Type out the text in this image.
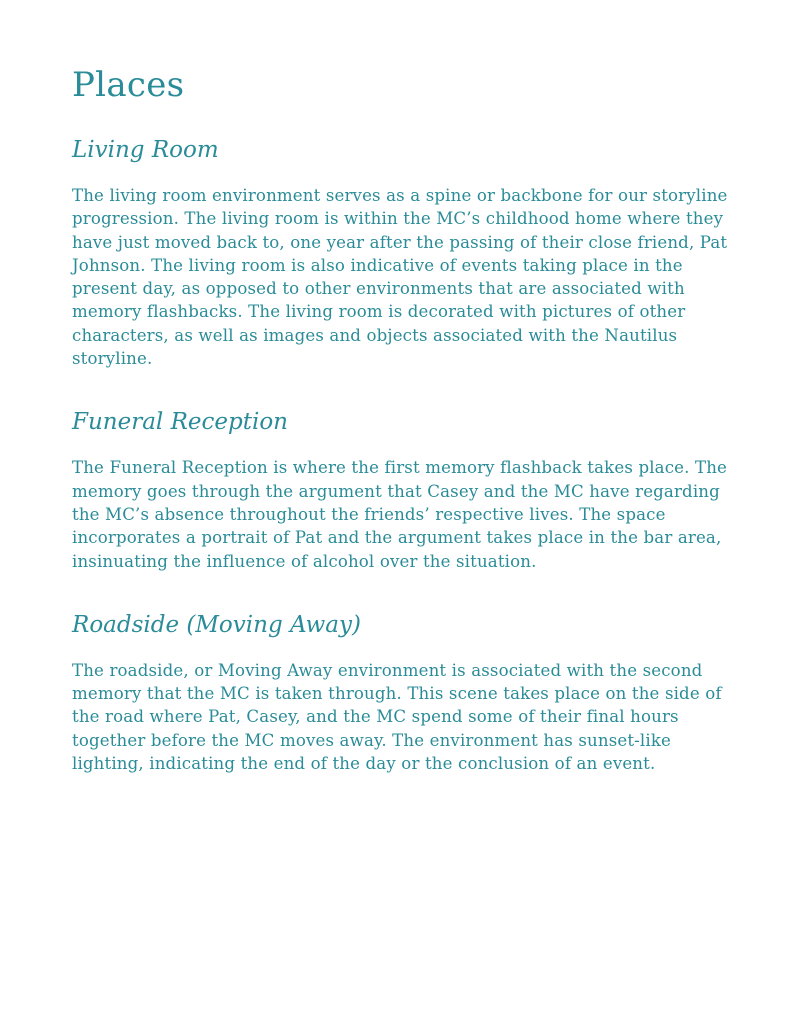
Places
Living Room

The living room environment serves as a spine or backbone for our storyline progression. The living room is within the MC’s childhood home where they have just moved back to, one year after the passing of their close friend, Pat Johnson. The living room is also indicative of events taking place in the present day, as opposed to other environments that are associated with memory flashbacks. The living room is decorated with pictures of other characters, as well as images and objects associated with the Nautilus storyline.

Funeral Reception

The Funeral Reception is where the first memory flashback takes place. The memory goes through the argument that Casey and the MC have regarding the MC’s absence throughout the friends’ respective lives. The space incorporates a portrait of Pat and the argument takes place in the bar area, insinuating the influence of alcohol over the situation.

Roadside (Moving Away)

The roadside, or Moving Away environment is associated with the second memory that the MC is taken through. This scene takes place on the side of the road where Pat, Casey, and the MC spend some of their final hours together before the MC moves away. The environment has sunset-like lighting, indicating the end of the day or the conclusion of an event.
